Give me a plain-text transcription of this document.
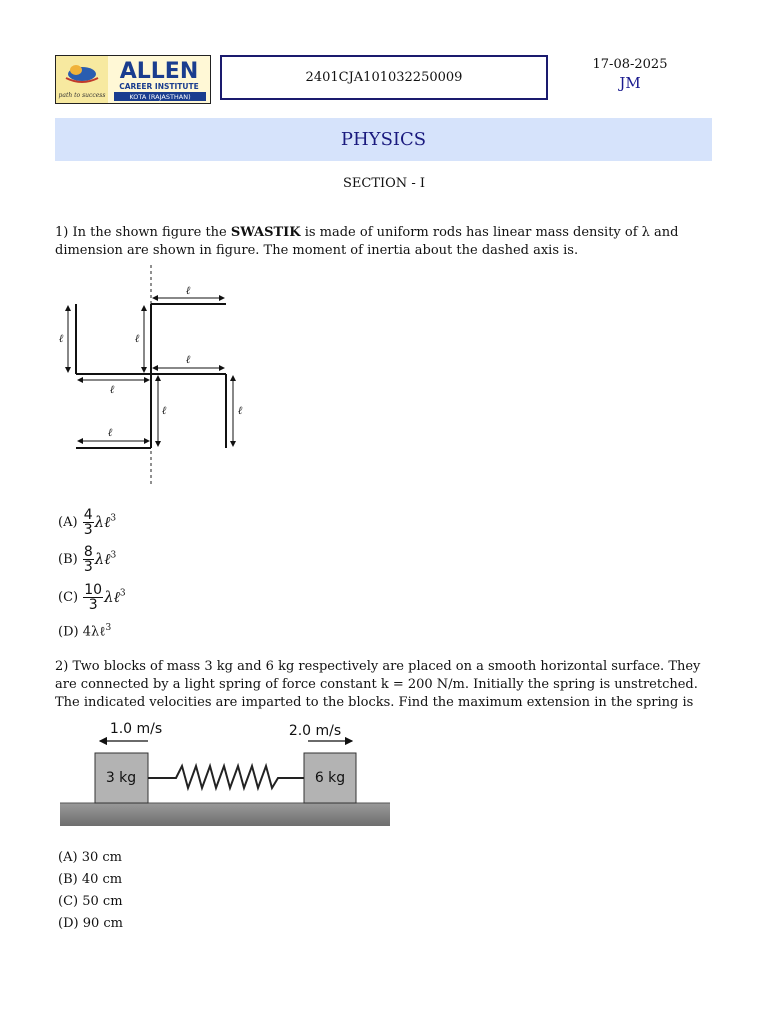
path to success
ALLEN
CAREER INSTITUTE
KOTA (RAJASTHAN)
2401CJA101032250009
17-08-2025
JM
PHYSICS
SECTION - I
1) In the shown figure the SWASTIK is made of uniform rods has linear mass density of λ and dimension are shown in figure. The moment of inertia about the dashed axis is.
ℓ
ℓ	ℓ
ℓ
ℓ
ℓ	ℓ
ℓ
$(A) \frac{4}{3}$ λℓ$^3$
$(B) \frac{8}{3}$ λℓ$^3$
$(C) \frac{10}{3}$ λℓ$^3$
(D) 4λℓ$^3$
2) Two blocks of mass 3 kg and 6 kg respectively are placed on a smooth horizontal surface. They are connected by a light spring of force constant k = 200 N/m. Initially the spring is unstretched. The indicated velocities are imparted to the blocks. Find the maximum extension in the spring is
1.0 m/s	2.0 m/s
3 kg	6 kg
(A) 30 cm
(B) 40 cm
(C) 50 cm
(D) 90 cm
